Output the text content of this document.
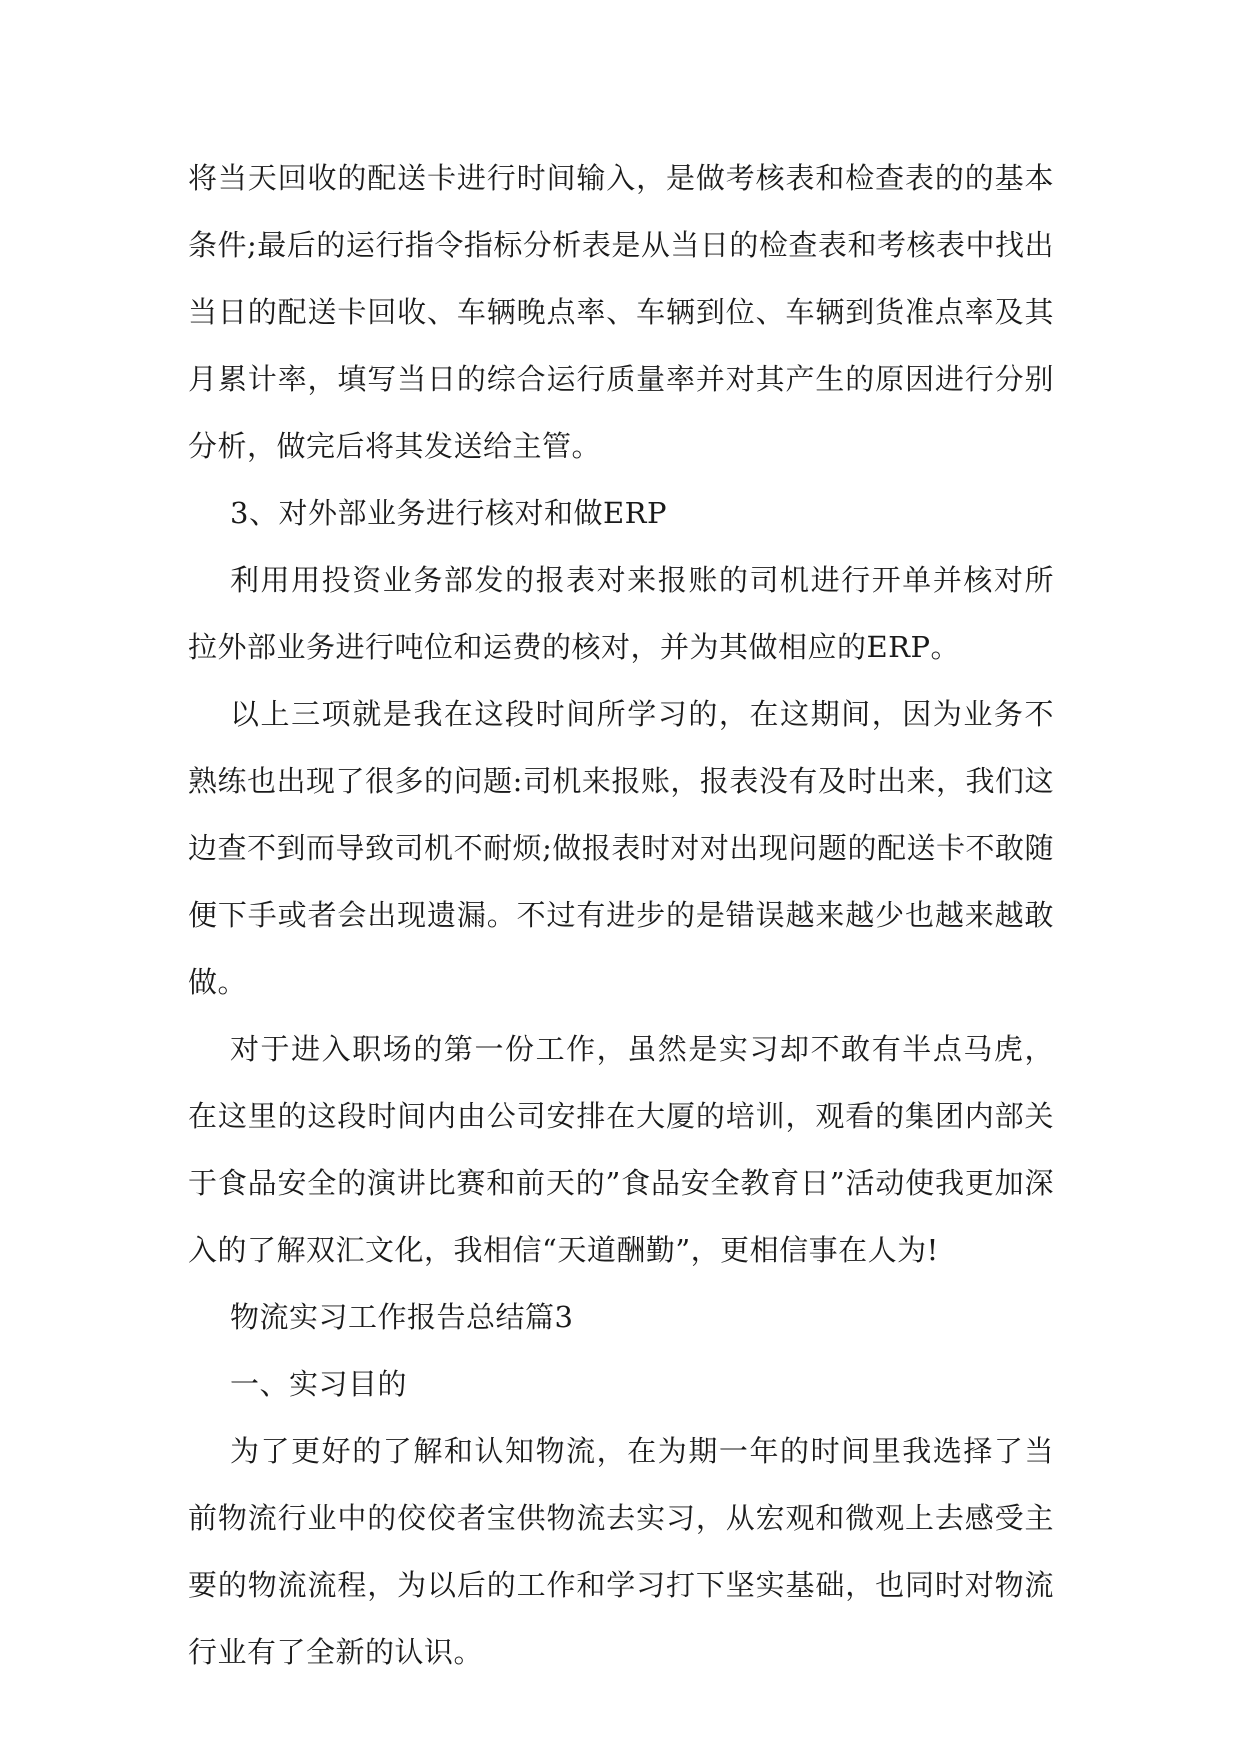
将当天回收的配送卡进行时间输入，是做考核表和检查表的的基本条件;最后的运行指令指标分析表是从当日的检查表和考核表中找出当日的配送卡回收、车辆晚点率、车辆到位、车辆到货准点率及其月累计率，填写当日的综合运行质量率并对其产生的原因进行分别分析，做完后将其发送给主管。

3、对外部业务进行核对和做ERP

利用用投资业务部发的报表对来报账的司机进行开单并核对所拉外部业务进行吨位和运费的核对，并为其做相应的ERP。

以上三项就是我在这段时间所学习的，在这期间，因为业务不熟练也出现了很多的问题:司机来报账，报表没有及时出来，我们这边查不到而导致司机不耐烦;做报表时对对出现问题的配送卡不敢随便下手或者会出现遗漏。不过有进步的是错误越来越少也越来越敢做。

对于进入职场的第一份工作，虽然是实习却不敢有半点马虎，在这里的这段时间内由公司安排在大厦的培训，观看的集团内部关于食品安全的演讲比赛和前天的”食品安全教育日”活动使我更加深入的了解双汇文化，我相信“天道酬勤”，更相信事在人为!

物流实习工作报告总结篇3

一、实习目的

为了更好的了解和认知物流，在为期一年的时间里我选择了当前物流行业中的佼佼者宝供物流去实习，从宏观和微观上去感受主要的物流流程，为以后的工作和学习打下坚实基础，也同时对物流行业有了全新的认识。
